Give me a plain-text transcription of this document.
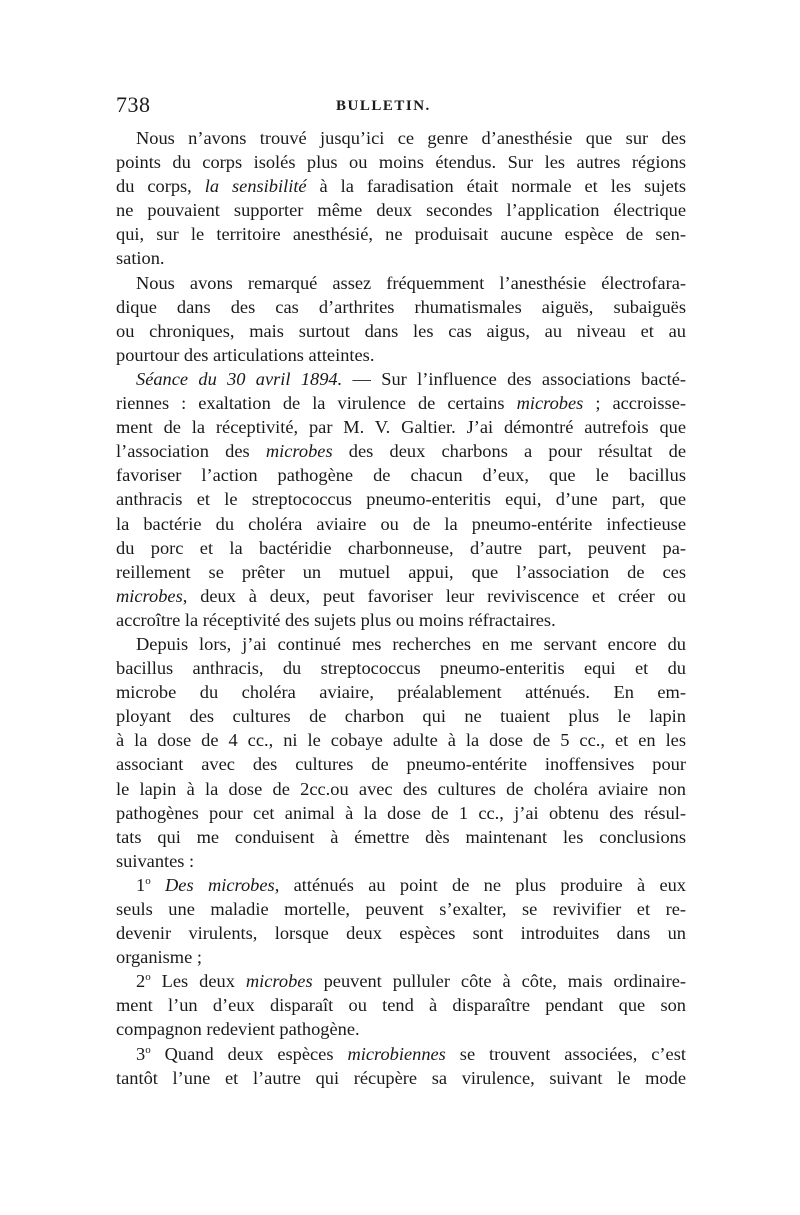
738	BULLETIN.

Nous n’avons trouvé jusqu’ici ce genre d’anesthésie que sur des
points du corps isolés plus ou moins étendus. Sur les autres régions
du corps, la sensibilité à la faradisation était normale et les sujets
ne pouvaient supporter même deux secondes l’application électrique
qui, sur le territoire anesthésié, ne produisait aucune espèce de sen-
sation.

Nous avons remarqué assez fréquemment l’anesthésie électrofara-
dique dans des cas d’arthrites rhumatismales aiguës, subaiguës
ou chroniques, mais surtout dans les cas aigus, au niveau et au
pourtour des articulations atteintes.

Séance du 30 avril 1894. — Sur l’influence des associations bacté-
riennes : exaltation de la virulence de certains microbes ; accroisse-
ment de la réceptivité, par M. V. Galtier. J’ai démontré autrefois que
l’association des microbes des deux charbons a pour résultat de
favoriser l’action pathogène de chacun d’eux, que le bacillus
anthracis et le streptococcus pneumo-enteritis equi, d’une part, que
la bactérie du choléra aviaire ou de la pneumo-entérite infectieuse
du porc et la bactéridie charbonneuse, d’autre part, peuvent pa-
reillement se prêter un mutuel appui, que l’association de ces
microbes, deux à deux, peut favoriser leur reviviscence et créer ou
accroître la réceptivité des sujets plus ou moins réfractaires.

Depuis lors, j’ai continué mes recherches en me servant encore du
bacillus anthracis, du streptococcus pneumo-enteritis equi et du
microbe du choléra aviaire, préalablement atténués. En em-
ployant des cultures de charbon qui ne tuaient plus le lapin
à la dose de 4 cc., ni le cobaye adulte à la dose de 5 cc., et en les
associant avec des cultures de pneumo-entérite inoffensives pour
le lapin à la dose de 2cc.ou avec des cultures de choléra aviaire non
pathogènes pour cet animal à la dose de 1 cc., j’ai obtenu des résul-
tats qui me conduisent à émettre dès maintenant les conclusions
suivantes :

1$^o$ Des microbes, atténués au point de ne plus produire à eux
seuls une maladie mortelle, peuvent s’exalter, se revivifier et re-
devenir virulents, lorsque deux espèces sont introduites dans un
organisme ;

2$^o$ Les deux microbes peuvent pulluler côte à côte, mais ordinaire-
ment l’un d’eux disparaît ou tend à disparaître pendant que son
compagnon redevient pathogène.

3$^o$ Quand deux espèces microbiennes se trouvent associées, c’est
tantôt l’une et l’autre qui récupère sa virulence, suivant le mode
